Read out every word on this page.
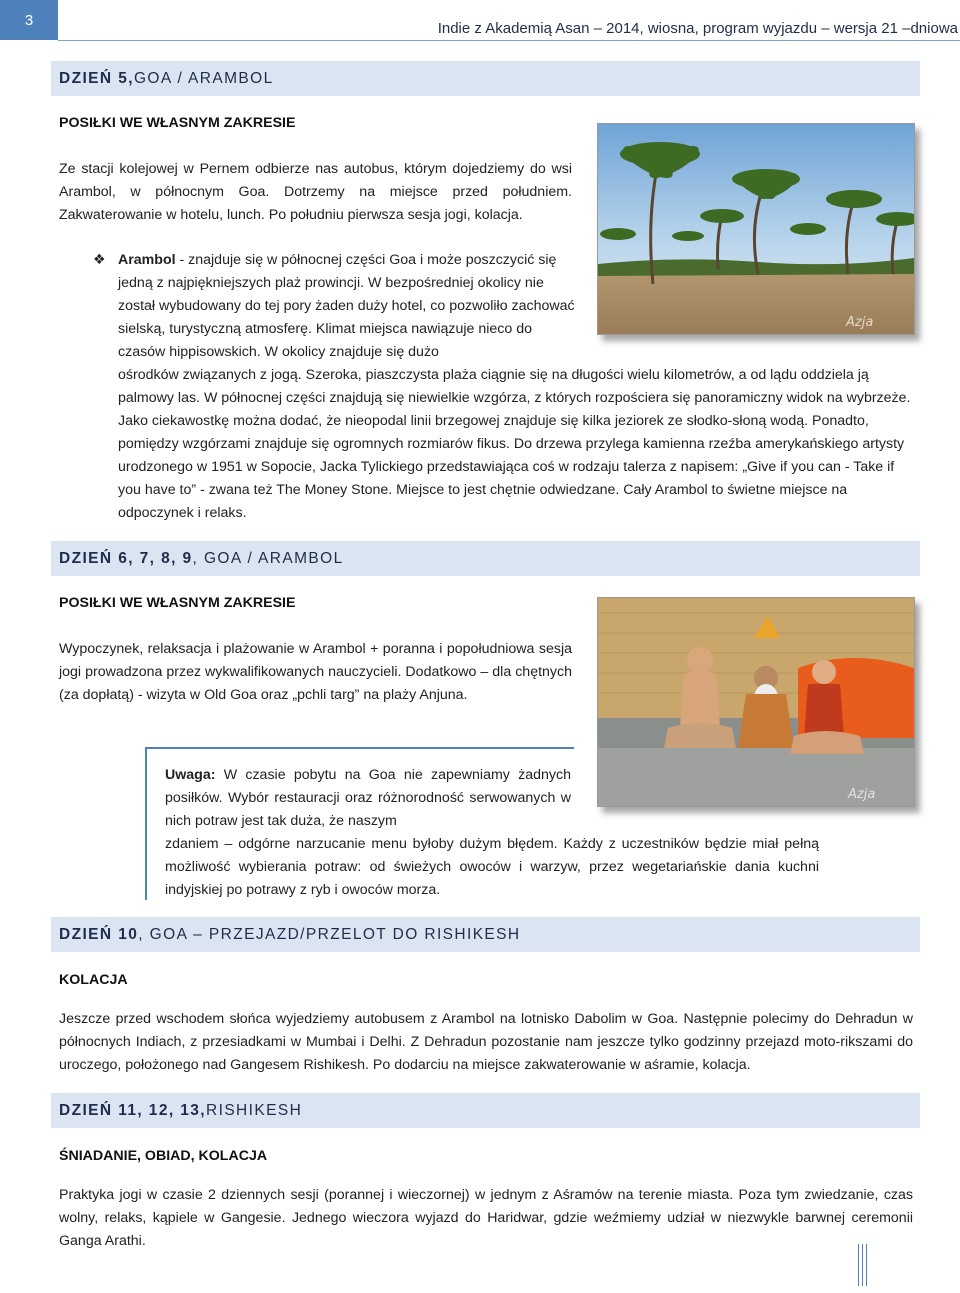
3	Indie z Akademią Asan – 2014, wiosna, program wyjazdu – wersja 21 –dniowa
DZIEŃ 5, GOA / ARAMBOL
POSIŁKI WE WŁASNYM ZAKRESIE

Ze stacji kolejowej w Pernem odbierze nas autobus, którym dojedziemy do wsi Arambol, w północnym Goa. Dotrzemy na miejsce przed południem. Zakwaterowanie w hotelu, lunch. Po południu pierwsza sesja jogi, kolacja.

❖ Arambol - znajduje się w północnej części Goa i może poszczycić się jedną z najpiękniejszych plaż prowincji. W bezpośredniej okolicy nie został wybudowany do tej pory żaden duży hotel, co pozwoliło zachować sielską, turystyczną atmosferę. Klimat miejsca nawiązuje nieco do czasów hippisowskich. W okolicy znajduje się dużo

ośrodków związanych z jogą. Szeroka, piaszczysta plaża ciągnie się na długości wielu kilometrów, a od lądu oddziela ją palmowy las. W północnej części znajdują się niewielkie wzgórza, z których rozpościera się panoramiczny widok na wybrzeże. Jako ciekawostkę można dodać, że nieopodal linii brzegowej znajduje się kilka jeziorek ze słodko-słoną wodą. Ponadto, pomiędzy wzgórzami znajduje się ogromnych rozmiarów fikus. Do drzewa przylega kamienna rzeźba amerykańskiego artysty urodzonego w 1951 w Sopocie, Jacka Tylickiego przedstawiająca coś w rodzaju talerza z napisem: „Give if you can - Take if you have to” - zwana też The Money Stone. Miejsce to jest chętnie odwiedzane. Cały Arambol to świetne miejsce na odpoczynek i relaks.

Azja
DZIEŃ 6, 7, 8, 9 , GOA / ARAMBOL
POSIŁKI WE WŁASNYM ZAKRESIE

Wypoczynek, relaksacja i plażowanie w Arambol + poranna i popołudniowa sesja jogi prowadzona przez wykwalifikowanych nauczycieli. Dodatkowo – dla chętnych (za dopłatą) - wizyta w Old Goa oraz „pchli targ” na plaży Anjuna.

Azja

Uwaga: W czasie pobytu na Goa nie zapewniamy żadnych posiłków. Wybór restauracji oraz różnorodność serwowanych w nich potraw jest tak duża, że naszym

zdaniem – odgórne narzucanie menu byłoby dużym błędem. Każdy z uczestników będzie miał pełną możliwość wybierania potraw: od świeżych owoców i warzyw, przez wegetariańskie dania kuchni indyjskiej po potrawy z ryb i owoców morza.

DZIEŃ 10 , GOA – PRZEJAZD/PRZELOT DO RISHIKESH
KOLACJA

Jeszcze przed wschodem słońca wyjedziemy autobusem z Arambol na lotnisko Dabolim w Goa. Następnie polecimy do Dehradun w północnych Indiach, z przesiadkami w Mumbai i Delhi. Z Dehradun pozostanie nam jeszcze tylko godzinny przejazd moto-rikszami do uroczego, położonego nad Gangesem Rishikesh. Po dodarciu na miejsce zakwaterowanie w aśramie, kolacja.

DZIEŃ 11, 12, 13, RISHIKESH
ŚNIADANIE, OBIAD, KOLACJA

Praktyka jogi w czasie 2 dziennych sesji (porannej i wieczornej) w jednym z Aśramów na terenie miasta. Poza tym zwiedzanie, czas wolny, relaks, kąpiele w Gangesie. Jednego wieczora wyjazd do Haridwar, gdzie weźmiemy udział w niezwykle barwnej ceremonii Ganga Arathi.
